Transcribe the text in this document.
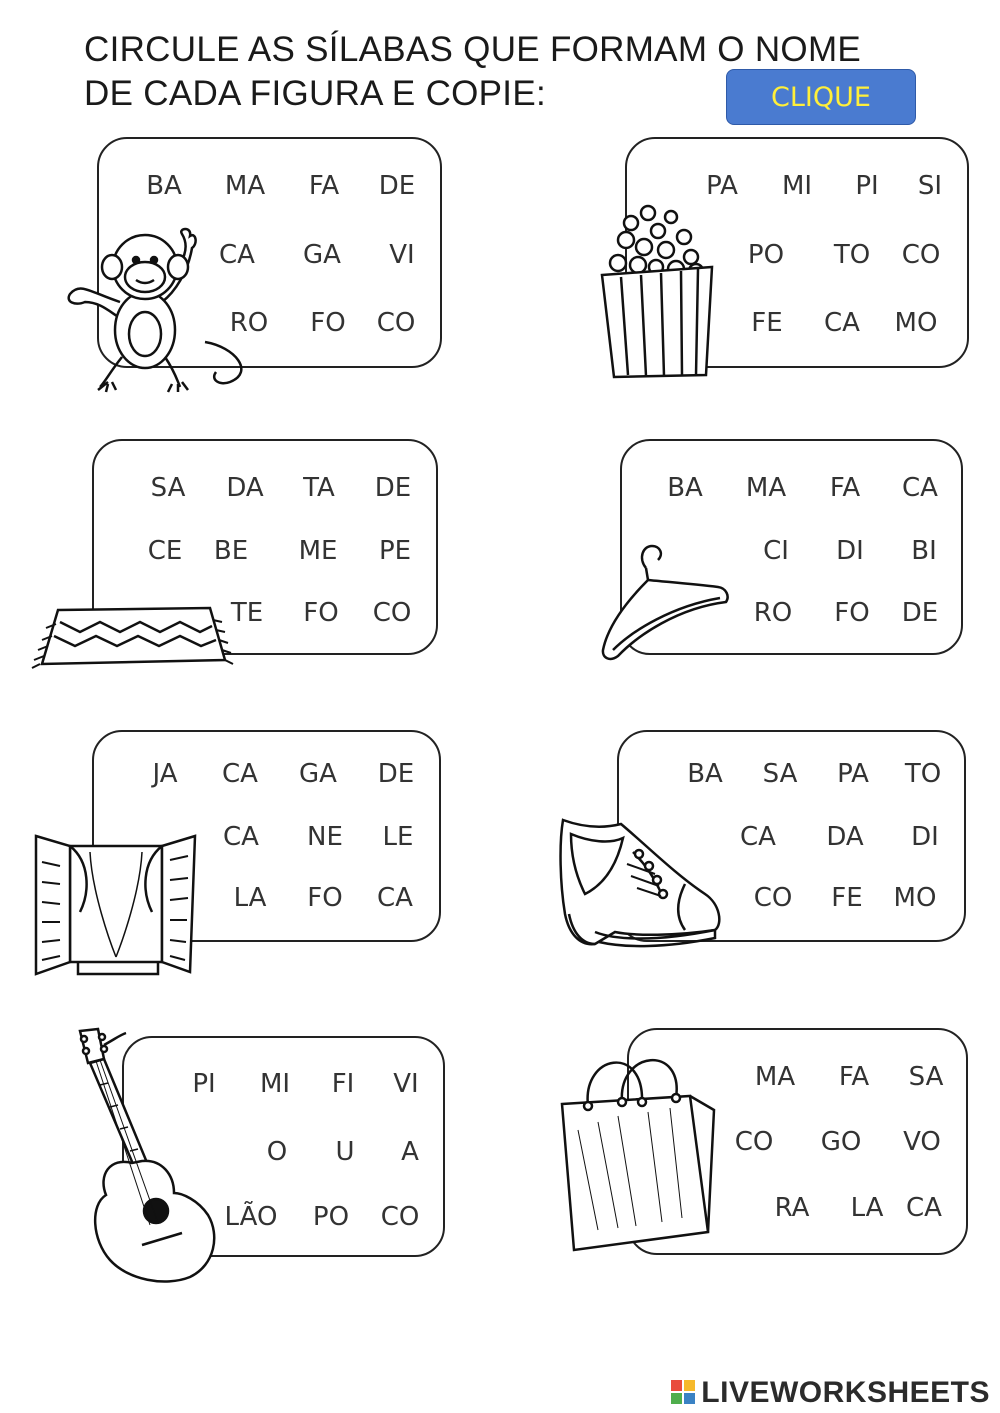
CIRCULE AS SÍLABAS QUE FORMAM O NOME
DE CADA FIGURA E COPIE:	CLIQUE
BA MA FA DE
CA GA VI
RO FO CO
PA MI PI SI
PO TO CO
FE CA MO
SA DA TA DE
CE BE ME PE
TE FO CO
BA MA FA CA
CI DI BI
RO FO DE
JA CA GA DE
CA NE LE
LA FO CA
BA SA PA TO
CA DA DI
CO FE MO
PI MI FI VI
O U A
LÃO PO CO
MA FA SA
CO GO VO
RA LA CA
LIVEWORKSHEETS
